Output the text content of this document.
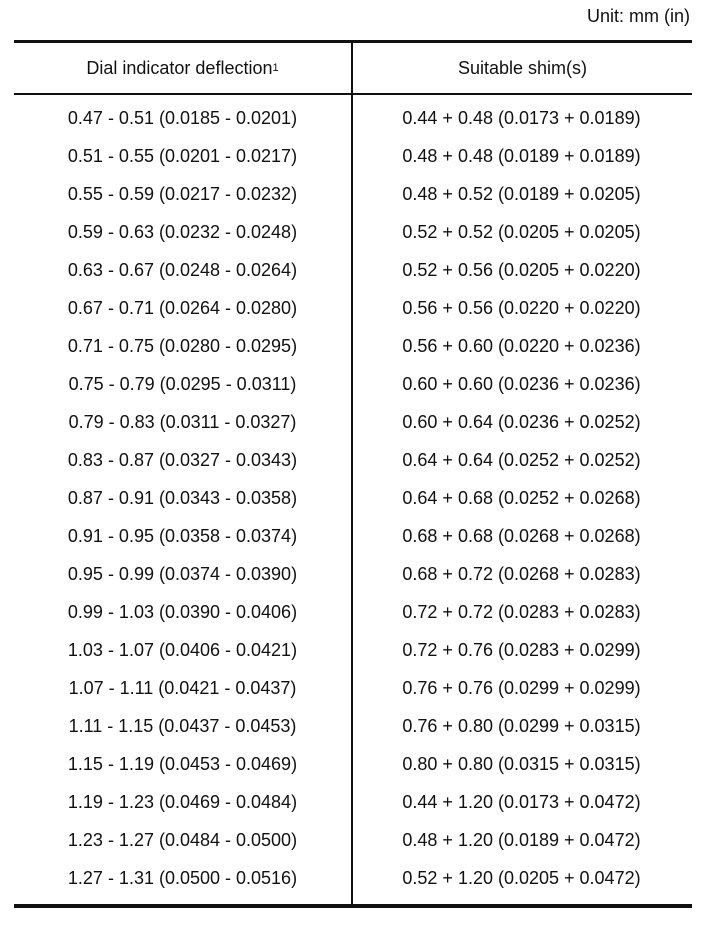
Unit: mm (in)
Dial indicator deflection 1	Suitable shim(s)
0.47 - 0.51 (0.0185 - 0.0201)	0.44 + 0.48 (0.0173 + 0.0189)
0.51 - 0.55 (0.0201 - 0.0217)	0.48 + 0.48 (0.0189 + 0.0189)
0.55 - 0.59 (0.0217 - 0.0232)	0.48 + 0.52 (0.0189 + 0.0205)
0.59 - 0.63 (0.0232 - 0.0248)	0.52 + 0.52 (0.0205 + 0.0205)
0.63 - 0.67 (0.0248 - 0.0264)	0.52 + 0.56 (0.0205 + 0.0220)
0.67 - 0.71 (0.0264 - 0.0280)	0.56 + 0.56 (0.0220 + 0.0220)
0.71 - 0.75 (0.0280 - 0.0295)	0.56 + 0.60 (0.0220 + 0.0236)
0.75 - 0.79 (0.0295 - 0.0311)	0.60 + 0.60 (0.0236 + 0.0236)
0.79 - 0.83 (0.0311 - 0.0327)	0.60 + 0.64 (0.0236 + 0.0252)
0.83 - 0.87 (0.0327 - 0.0343)	0.64 + 0.64 (0.0252 + 0.0252)
0.87 - 0.91 (0.0343 - 0.0358)	0.64 + 0.68 (0.0252 + 0.0268)
0.91 - 0.95 (0.0358 - 0.0374)	0.68 + 0.68 (0.0268 + 0.0268)
0.95 - 0.99 (0.0374 - 0.0390)	0.68 + 0.72 (0.0268 + 0.0283)
0.99 - 1.03 (0.0390 - 0.0406)	0.72 + 0.72 (0.0283 + 0.0283)
1.03 - 1.07 (0.0406 - 0.0421)	0.72 + 0.76 (0.0283 + 0.0299)
1.07 - 1.11 (0.0421 - 0.0437)	0.76 + 0.76 (0.0299 + 0.0299)
1.11 - 1.15 (0.0437 - 0.0453)	0.76 + 0.80 (0.0299 + 0.0315)
1.15 - 1.19 (0.0453 - 0.0469)	0.80 + 0.80 (0.0315 + 0.0315)
1.19 - 1.23 (0.0469 - 0.0484)	0.44 + 1.20 (0.0173 + 0.0472)
1.23 - 1.27 (0.0484 - 0.0500)	0.48 + 1.20 (0.0189 + 0.0472)
1.27 - 1.31 (0.0500 - 0.0516)	0.52 + 1.20 (0.0205 + 0.0472)
